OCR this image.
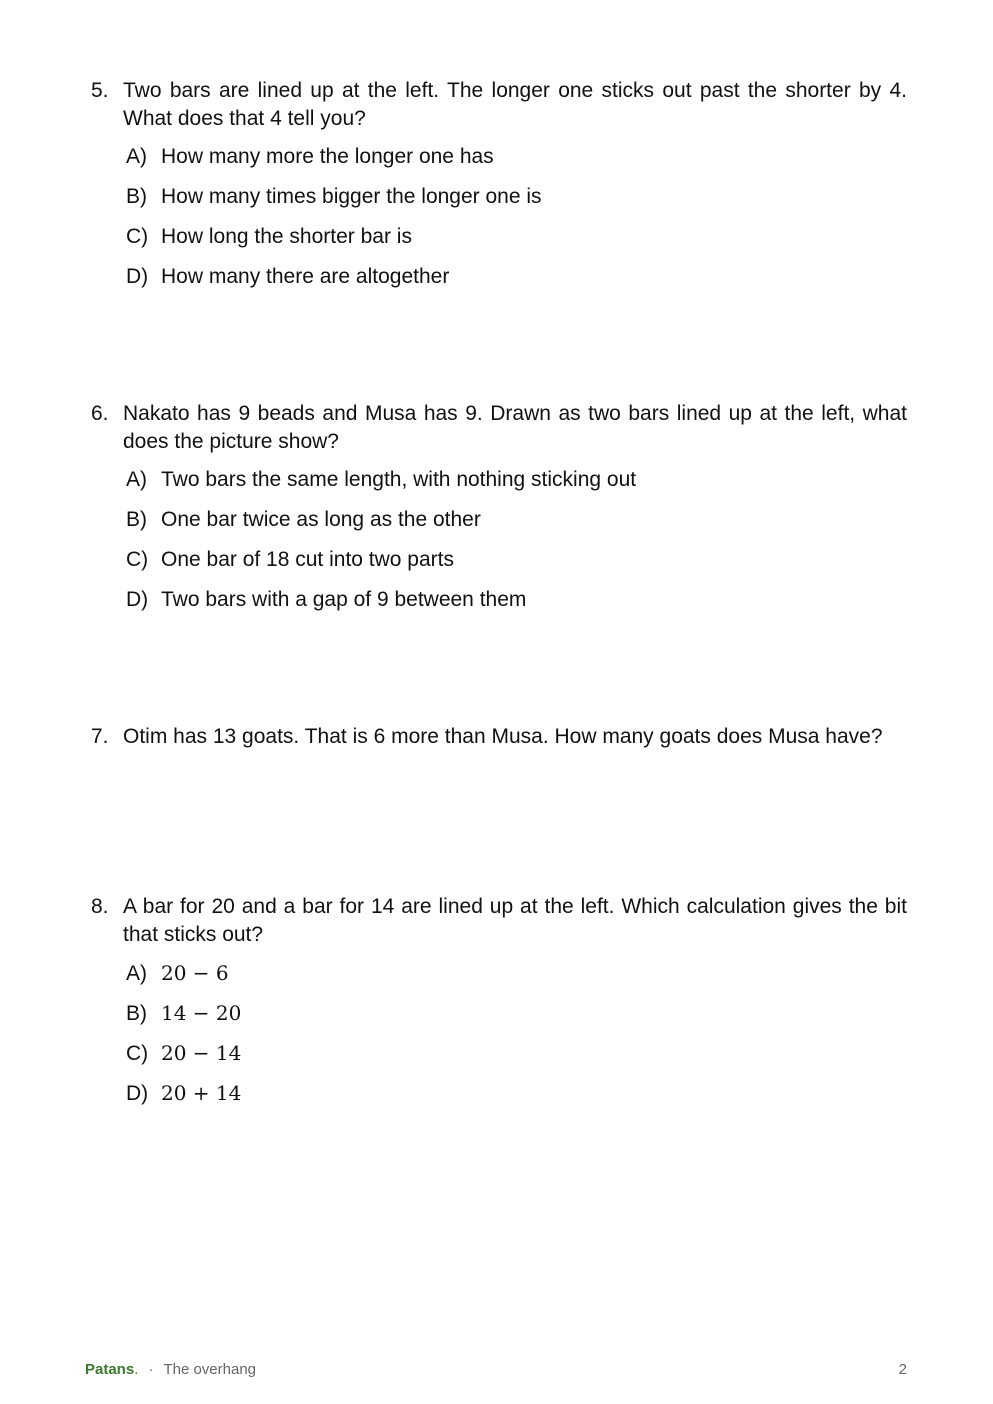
5. Two bars are lined up at the left. The longer one sticks out past the shorter by 4. What does that 4 tell you?
A) How many more the longer one has
B) How many times bigger the longer one is
C) How long the shorter bar is
D) How many there are altogether
6. Nakato has 9 beads and Musa has 9. Drawn as two bars lined up at the left, what does the picture show?
A) Two bars the same length, with nothing sticking out
B) One bar twice as long as the other
C) One bar of 18 cut into two parts
D) Two bars with a gap of 9 between them
7. Otim has 13 goats. That is 6 more than Musa. How many goats does Musa have?
8. A bar for 20 and a bar for 14 are lined up at the left. Which calculation gives the bit that sticks out?
A) 20 − 6
B) 14 − 20
C) 20 − 14
D) 20 + 14
Patans. · The overhang	2
